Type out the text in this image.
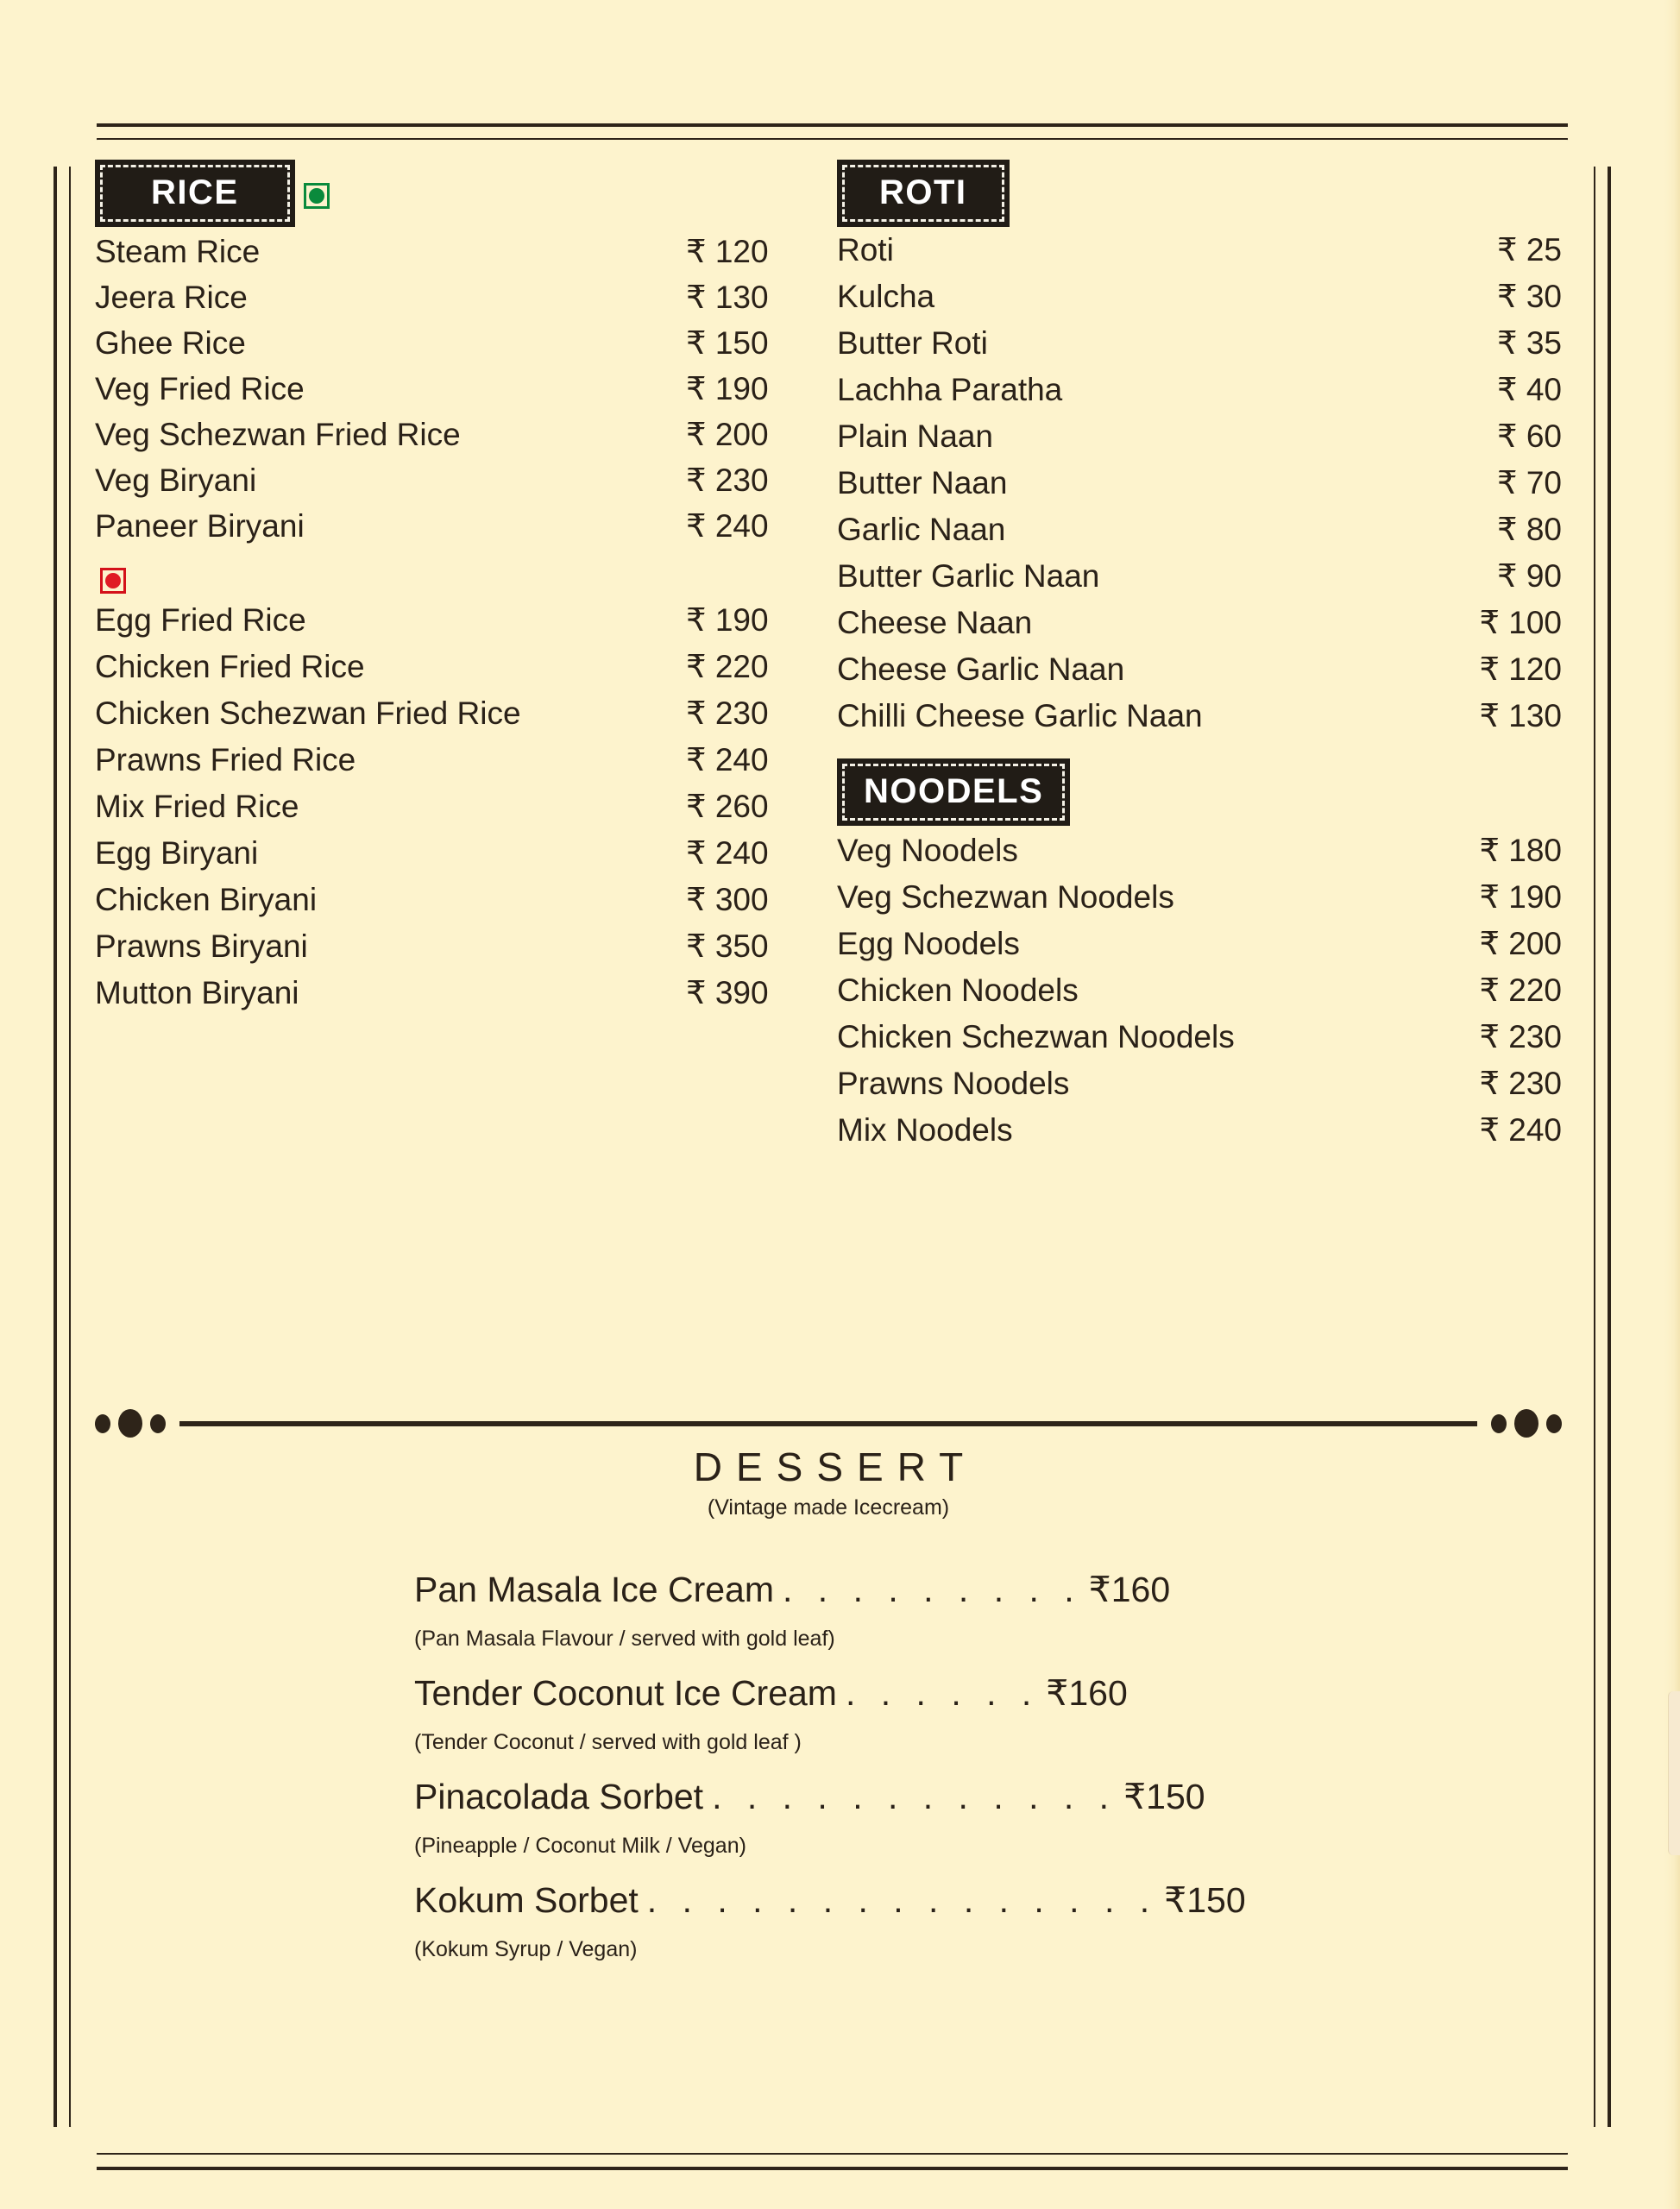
RICE

Steam Rice	₹ 120
Jeera Rice	₹ 130
Ghee Rice	₹ 150
Veg Fried Rice	₹ 190
Veg Schezwan Fried Rice	₹ 200
Veg Biryani	₹ 230
Paneer Biryani	₹ 240
Egg Fried Rice	₹ 190
Chicken Fried Rice	₹ 220
Chicken Schezwan Fried Rice	₹ 230
Prawns Fried Rice	₹ 240
Mix Fried Rice	₹ 260
Egg Biryani	₹ 240
Chicken Biryani	₹ 300
Prawns Biryani	₹ 350
Mutton Biryani	₹ 390
ROTI
Roti	₹ 25
Kulcha	₹ 30
Butter Roti	₹ 35
Lachha Paratha	₹ 40
Plain Naan	₹ 60
Butter Naan	₹ 70
Garlic Naan	₹ 80
Butter Garlic Naan	₹ 90
Cheese Naan	₹ 100
Cheese Garlic Naan	₹ 120
Chilli Cheese Garlic Naan	₹ 130
NOODELS
Veg Noodels	₹ 180
Veg Schezwan Noodels	₹ 190
Egg Noodels	₹ 200
Chicken Noodels	₹ 220
Chicken Schezwan Noodels	₹ 230
Prawns Noodels	₹ 230
Mix Noodels	₹ 240
DESSERT
(Vintage made Icecream)
Pan Masala Ice Cream . . . . . . . . . ₹160
(Pan Masala Flavour / served with gold leaf)
Tender Coconut Ice Cream . . . . . . ₹160
(Tender Coconut / served with gold leaf )
Pinacolada Sorbet . . . . . . . . . . . . ₹150
(Pineapple / Coconut Milk / Vegan)
Kokum Sorbet . . . . . . . . . . . . . . . ₹150
(Kokum Syrup / Vegan)
